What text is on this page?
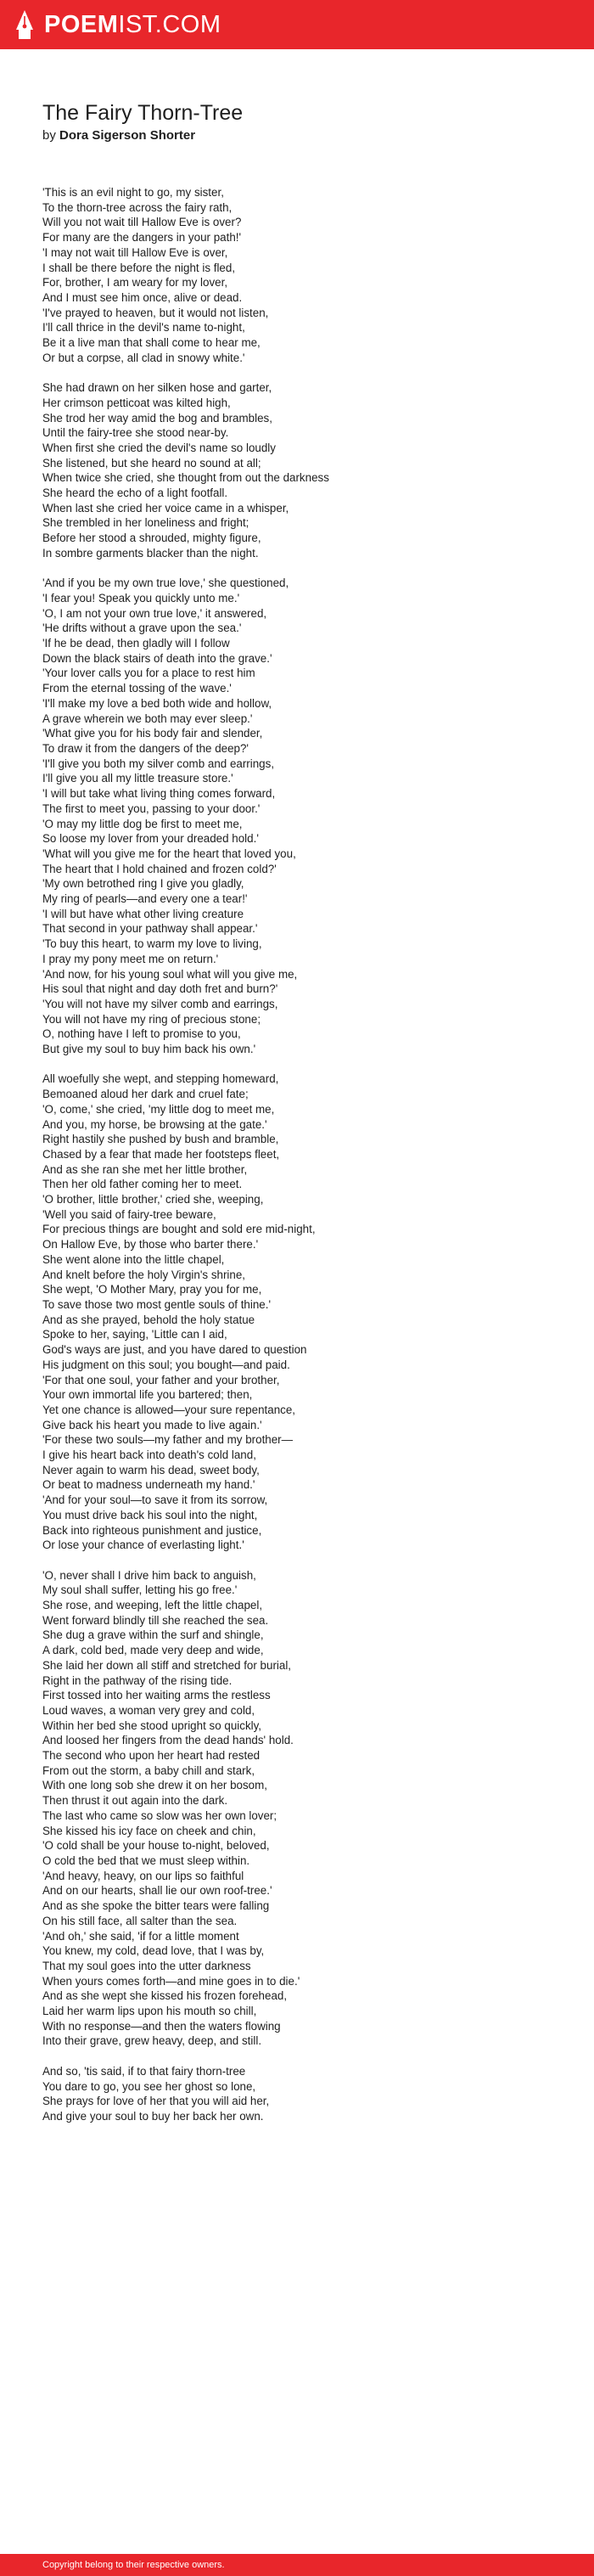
POEMIST.COM
The Fairy Thorn-Tree
by Dora Sigerson Shorter
'This is an evil night to go, my sister,
To the thorn-tree across the fairy rath,
Will you not wait till Hallow Eve is over?
For many are the dangers in your path!'
'I may not wait till Hallow Eve is over,
I shall be there before the night is fled,
For, brother, I am weary for my lover,
And I must see him once, alive or dead.
'I've prayed to heaven, but it would not listen,
I'll call thrice in the devil's name to-night,
Be it a live man that shall come to hear me,
Or but a corpse, all clad in snowy white.'
She had drawn on her silken hose and garter,
Her crimson petticoat was kilted high,
She trod her way amid the bog and brambles,
Until the fairy-tree she stood near-by.
When first she cried the devil's name so loudly
She listened, but she heard no sound at all;
When twice she cried, she thought from out the darkness
She heard the echo of a light footfall.
When last she cried her voice came in a whisper,
She trembled in her loneliness and fright;
Before her stood a shrouded, mighty figure,
In sombre garments blacker than the night.
'And if you be my own true love,' she questioned,
'I fear you! Speak you quickly unto me.'
'O, I am not your own true love,' it answered,
'He drifts without a grave upon the sea.'
'If he be dead, then gladly will I follow
Down the black stairs of death into the grave.'
'Your lover calls you for a place to rest him
From the eternal tossing of the wave.'
'I'll make my love a bed both wide and hollow,
A grave wherein we both may ever sleep.'
'What give you for his body fair and slender,
To draw it from the dangers of the deep?'
'I'll give you both my silver comb and earrings,
I'll give you all my little treasure store.'
'I will but take what living thing comes forward,
The first to meet you, passing to your door.'
'O may my little dog be first to meet me,
So loose my lover from your dreaded hold.'
'What will you give me for the heart that loved you,
The heart that I hold chained and frozen cold?'
'My own betrothed ring I give you gladly,
My ring of pearls—and every one a tear!'
'I will but have what other living creature
That second in your pathway shall appear.'
'To buy this heart, to warm my love to living,
I pray my pony meet me on return.'
'And now, for his young soul what will you give me,
His soul that night and day doth fret and burn?'
'You will not have my silver comb and earrings,
You will not have my ring of precious stone;
O, nothing have I left to promise to you,
But give my soul to buy him back his own.'
All woefully she wept, and stepping homeward,
Bemoaned aloud her dark and cruel fate;
'O, come,' she cried, 'my little dog to meet me,
And you, my horse, be browsing at the gate.'
Right hastily she pushed by bush and bramble,
Chased by a fear that made her footsteps fleet,
And as she ran she met her little brother,
Then her old father coming her to meet.
'O brother, little brother,' cried she, weeping,
'Well you said of fairy-tree beware,
For precious things are bought and sold ere mid-night,
On Hallow Eve, by those who barter there.'
She went alone into the little chapel,
And knelt before the holy Virgin's shrine,
She wept, 'O Mother Mary, pray you for me,
To save those two most gentle souls of thine.'
And as she prayed, behold the holy statue
Spoke to her, saying, 'Little can I aid,
God's ways are just, and you have dared to question
His judgment on this soul; you bought—and paid.
'For that one soul, your father and your brother,
Your own immortal life you bartered; then,
Yet one chance is allowed—your sure repentance,
Give back his heart you made to live again.'
'For these two souls—my father and my brother—
I give his heart back into death's cold land,
Never again to warm his dead, sweet body,
Or beat to madness underneath my hand.'
'And for your soul—to save it from its sorrow,
You must drive back his soul into the night,
Back into righteous punishment and justice,
Or lose your chance of everlasting light.'
'O, never shall I drive him back to anguish,
My soul shall suffer, letting his go free.'
She rose, and weeping, left the little chapel,
Went forward blindly till she reached the sea.
She dug a grave within the surf and shingle,
A dark, cold bed, made very deep and wide,
She laid her down all stiff and stretched for burial,
Right in the pathway of the rising tide.
First tossed into her waiting arms the restless
Loud waves, a woman very grey and cold,
Within her bed she stood upright so quickly,
And loosed her fingers from the dead hands' hold.
The second who upon her heart had rested
From out the storm, a baby chill and stark,
With one long sob she drew it on her bosom,
Then thrust it out again into the dark.
The last who came so slow was her own lover;
She kissed his icy face on cheek and chin,
'O cold shall be your house to-night, beloved,
O cold the bed that we must sleep within.
'And heavy, heavy, on our lips so faithful
And on our hearts, shall lie our own roof-tree.'
And as she spoke the bitter tears were falling
On his still face, all salter than the sea.
'And oh,' she said, 'if for a little moment
You knew, my cold, dead love, that I was by,
That my soul goes into the utter darkness
When yours comes forth—and mine goes in to die.'
And as she wept she kissed his frozen forehead,
Laid her warm lips upon his mouth so chill,
With no response—and then the waters flowing
Into their grave, grew heavy, deep, and still.
And so, 'tis said, if to that fairy thorn-tree
You dare to go, you see her ghost so lone,
She prays for love of her that you will aid her,
And give your soul to buy her back her own.
Copyright belong to their respective owners.
